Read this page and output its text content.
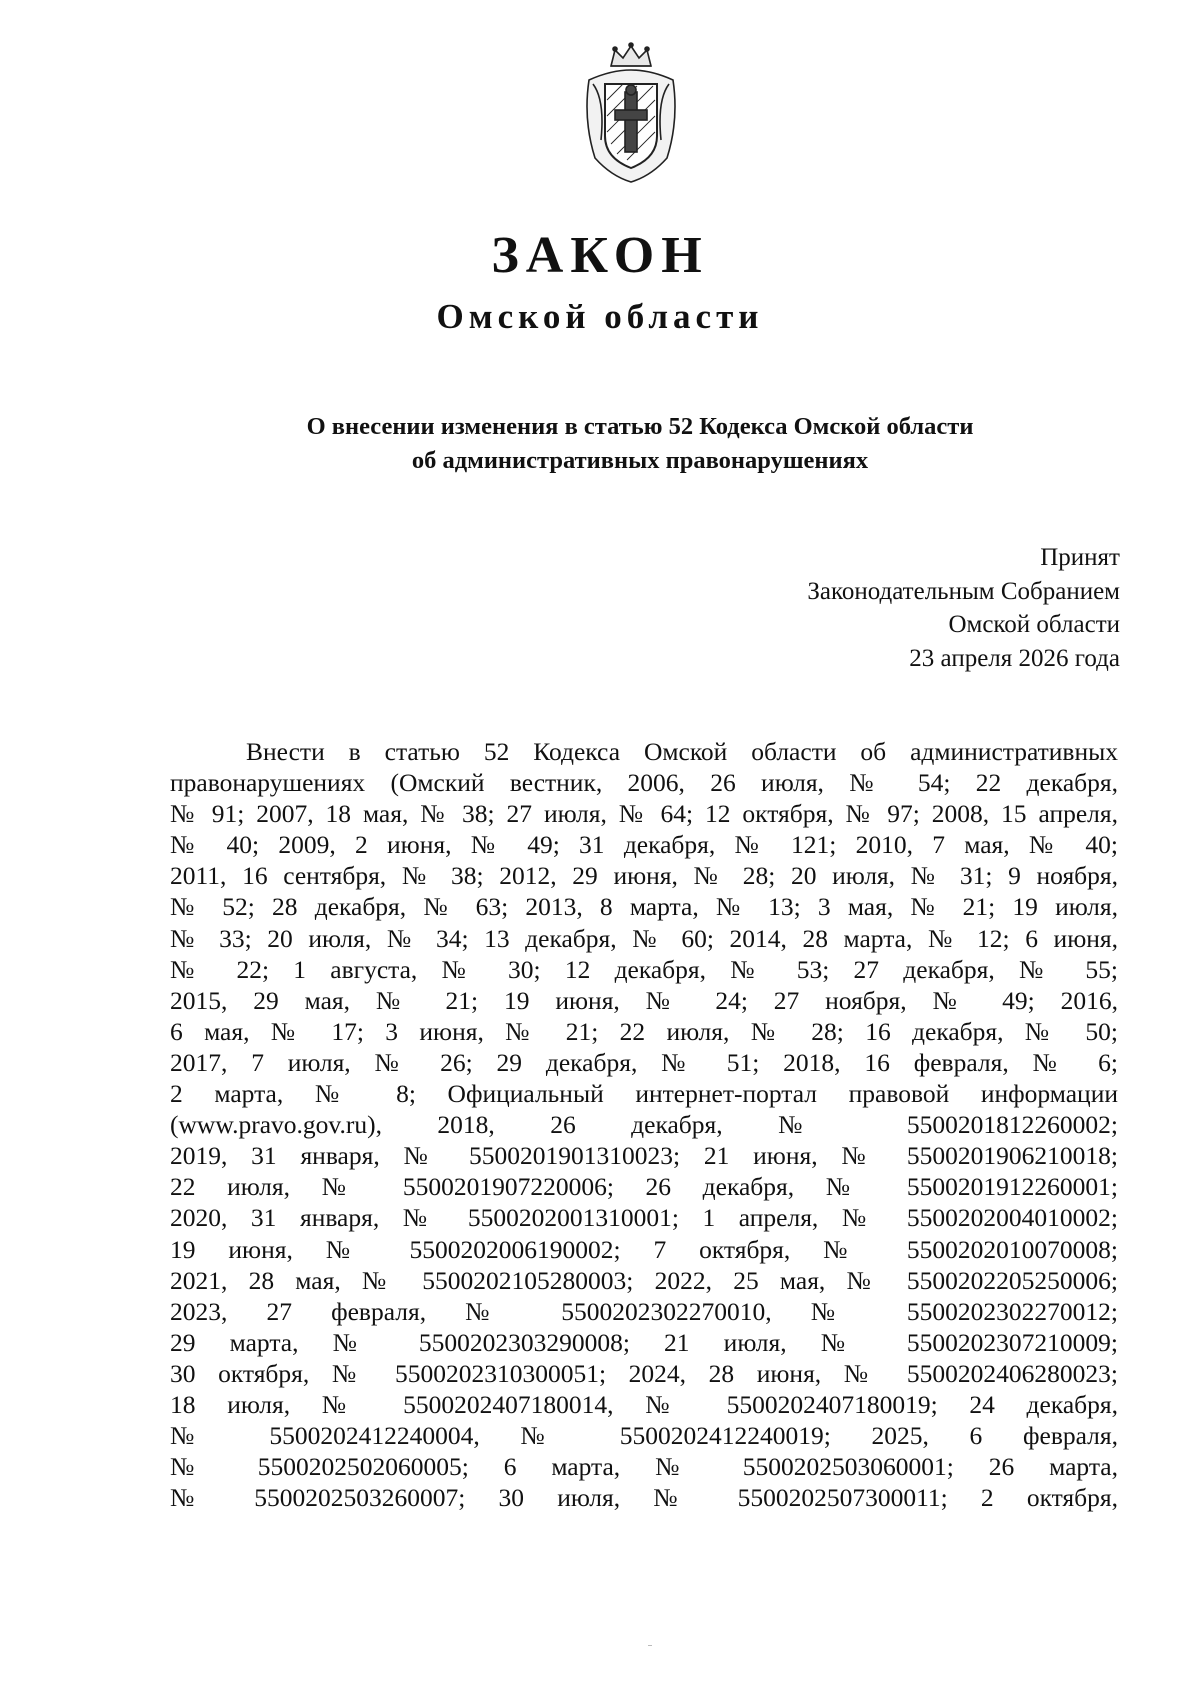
ЗАКОН
Омской области
О внесении изменения в статью 52 Кодекса Омской области
об административных правонарушениях
Принят
Законодательным Собранием
Омской области
23 апреля 2026 года
Внести в статью 52 Кодекса Омской области об административных
правонарушениях (Омский вестник, 2006, 26 июля, № 54; 22 декабря,
№ 91; 2007, 18 мая, № 38; 27 июля, № 64; 12 октября, № 97; 2008, 15 апреля,
№ 40; 2009, 2 июня, № 49; 31 декабря, № 121; 2010, 7 мая, № 40;
2011, 16 сентября, № 38; 2012, 29 июня, № 28; 20 июля, № 31; 9 ноября,
№ 52; 28 декабря, № 63; 2013, 8 марта, № 13; 3 мая, № 21; 19 июля,
№ 33; 20 июля, № 34; 13 декабря, № 60; 2014, 28 марта, № 12; 6 июня,
№ 22; 1 августа, № 30; 12 декабря, № 53; 27 декабря, № 55;
2015, 29 мая, № 21; 19 июня, № 24; 27 ноября, № 49; 2016,
6 мая, № 17; 3 июня, № 21; 22 июля, № 28; 16 декабря, № 50;
2017, 7 июля, № 26; 29 декабря, № 51; 2018, 16 февраля, № 6;
2 марта, № 8; Официальный интернет-портал правовой информации
(www.pravo.gov.ru), 2018, 26 декабря, № 5500201812260002;
2019, 31 января, № 5500201901310023; 21 июня, № 5500201906210018;
22 июля, № 5500201907220006; 26 декабря, № 5500201912260001;
2020, 31 января, № 5500202001310001; 1 апреля, № 5500202004010002;
19 июня, № 5500202006190002; 7 октября, № 5500202010070008;
2021, 28 мая, № 5500202105280003; 2022, 25 мая, № 5500202205250006;
2023, 27 февраля, № 5500202302270010, № 5500202302270012;
29 марта, № 5500202303290008; 21 июля, № 5500202307210009;
30 октября, № 5500202310300051; 2024, 28 июня, № 5500202406280023;
18 июля, № 5500202407180014, № 5500202407180019; 24 декабря,
№ 5500202412240004, № 5500202412240019; 2025, 6 февраля,
№ 5500202502060005; 6 марта, № 5500202503060001; 26 марта,
№ 5500202503260007; 30 июля, № 5500202507300011; 2 октября,
